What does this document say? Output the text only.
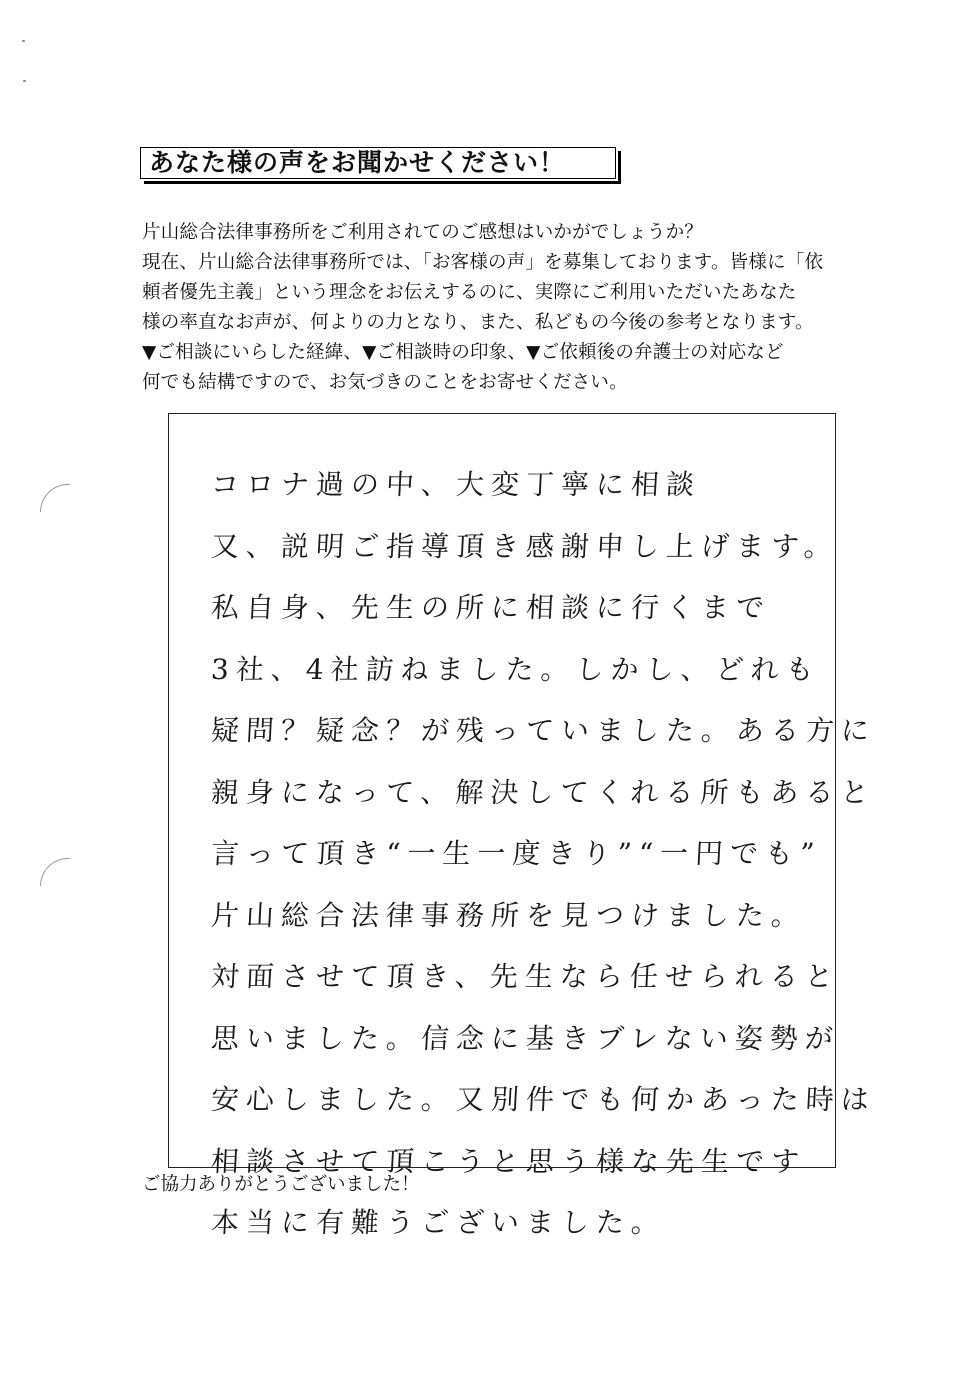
あなた様の声をお聞かせください！
片山総合法律事務所をご利用されてのご感想はいかがでしょうか？
現在、片山総合法律事務所では、「お客様の声」を募集しております。皆様に「依
頼者優先主義」という理念をお伝えするのに、実際にご利用いただいたあなた
様の率直なお声が、何よりの力となり、また、私どもの今後の参考となります。
▼ご相談にいらした経緯、▼ご相談時の印象、▼ご依頼後の弁護士の対応など
何でも結構ですので、お気づきのことをお寄せください。
コロナ過の中、大変丁寧に相談
又、説明ご指導頂き感謝申し上げます。
私自身、先生の所に相談に行くまで
3社、4社訪ねました。しかし、どれも
疑問？疑念？が残っていました。ある方に
親身になって、解決してくれる所もあると
言って頂き“一生一度きり”“一円でも”
片山総合法律事務所を見つけました。
対面させて頂き、先生なら任せられると
思いました。信念に基きブレない姿勢が
安心しました。又別件でも何かあった時は
相談させて頂こうと思う様な先生です
本当に有難うございました。
ご協力ありがとうございました！
